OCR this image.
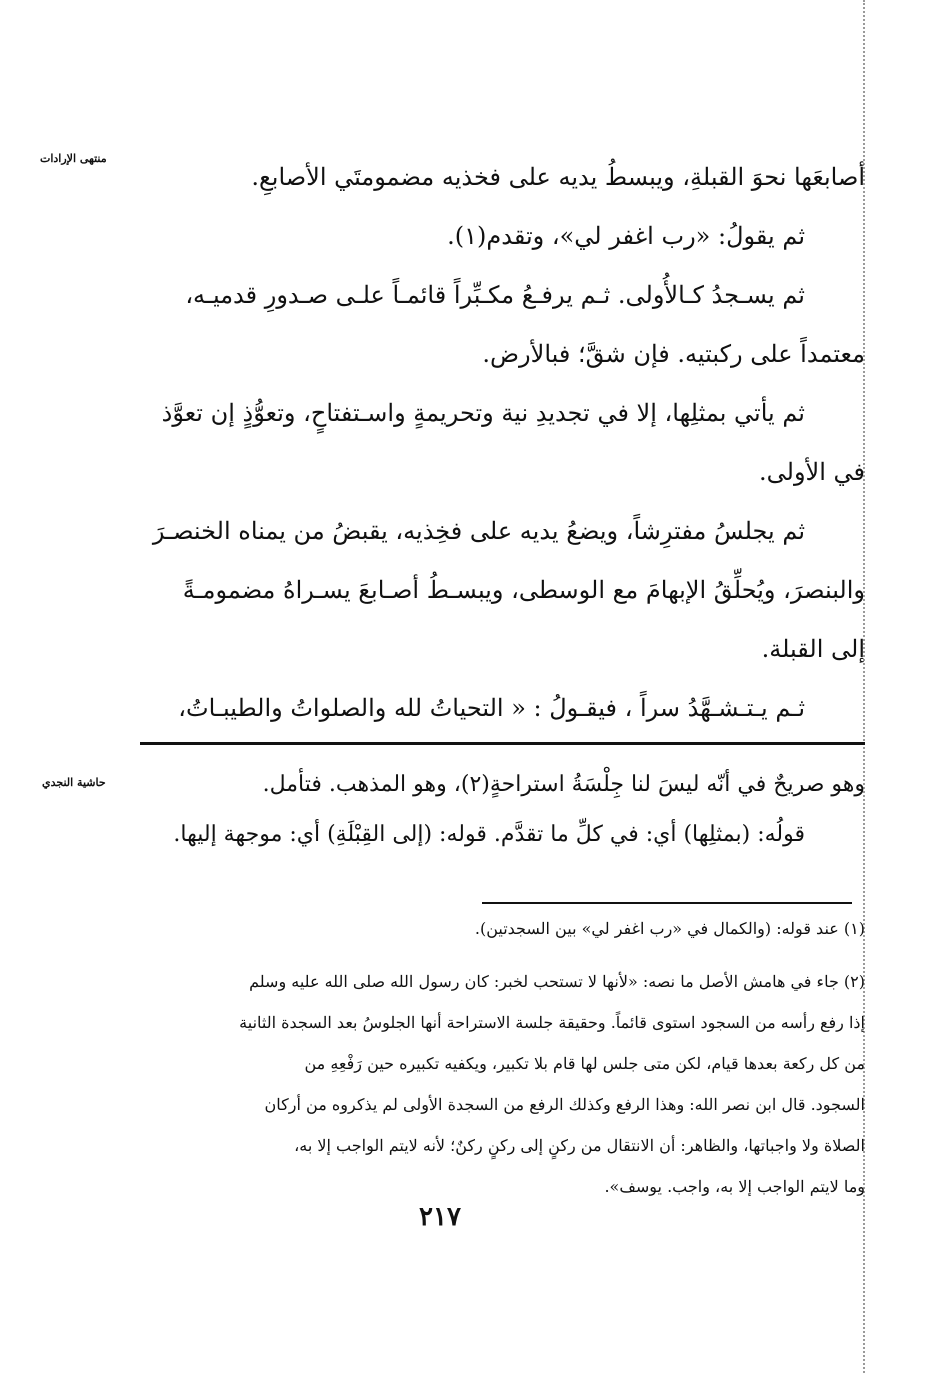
منتهى الإرادات
حاشية النجدي
أصابعَها نحوَ القبلةِ، ويبسطُ يديه على فخذيه مضمومتَي الأصابعِ.
ثم يقولُ: «رب اغفر لي»، وتقدم(١).
ثم يسـجدُ كـالأُولى. ثـم يرفـعُ مكـبِّراً قائمـاً علـى صـدورِ قدميـه،
معتمداً على ركبتيه. فإن شقَّ؛ فبالأرض.
ثم يأتي بمثلِها، إلا في تجديدِ نية وتحريمةٍ واسـتفتاحٍ، وتعوُّذٍ إن تعوَّذ
في الأولى.
ثم يجلسُ مفترِشاً، ويضعُ يديه على فخِذيه، يقبضُ من يمناه الخنصـرَ
والبنصرَ، ويُحلِّقُ الإبهامَ مع الوسطى، ويبسـطُ أصـابعَ يسـراهُ مضمومـةً
إلى القبلة.
ثـم يـتـشـهَّدُ سراً ، فيقـولُ : « التحياتُ لله والصلواتُ والطيبـاتُ،
وهو صريحٌ في أنّه ليسَ لنا جِلْسَةُ استراحةٍ(٢)، وهو المذهب. فتأمل.
قولُه: (بمثلِها) أي: في كلِّ ما تقدَّم. قوله: (إلى القِبْلَةِ) أي: موجهة إليها.
(١) عند قوله: (والكمال في «رب اغفر لي» بين السجدتين).
(٢) جاء في هامش الأصل ما نصه: «لأنها لا تستحب لخبر: كان رسول الله صلى الله عليه وسلم
إذا رفع رأسه من السجود استوى قائماً. وحقيقة جلسة الاستراحة أنها الجلوسُ بعد السجدة الثانية
من كل ركعة بعدها قيام، لكن متى جلس لها قام بلا تكبير، ويكفيه تكبيره حين رَفْعِهِ من
السجود. قال ابن نصر الله: وهذا الرفع وكذلك الرفع من السجدة الأولى لم يذكروه من أركان
الصلاة ولا واجباتها، والظاهر: أن الانتقال من ركنٍ إلى ركنٍ ركنٌ؛ لأنه لايتم الواجب إلا به،
وما لايتم الواجب إلا به، واجب. يوسف».
٢١٧
